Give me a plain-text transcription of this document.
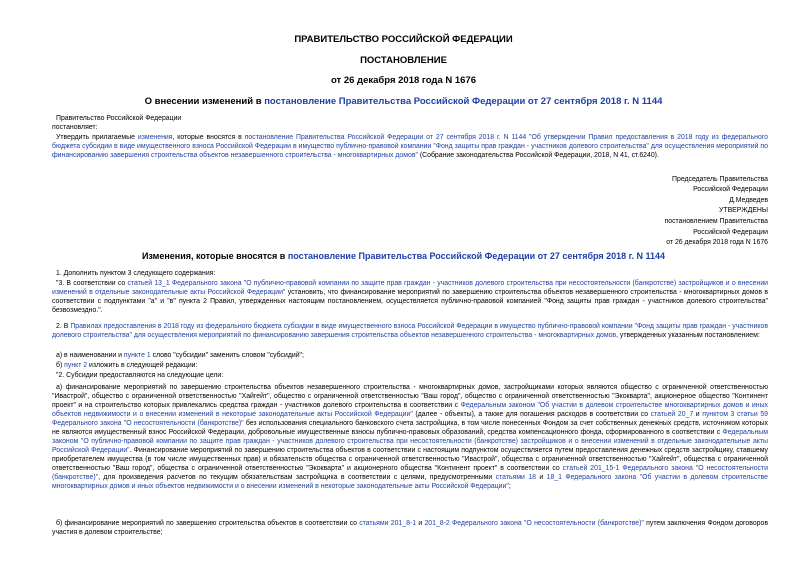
ПРАВИТЕЛЬСТВО РОССИЙСКОЙ ФЕДЕРАЦИИ
ПОСТАНОВЛЕНИЕ
от 26 декабря 2018 года N 1676
О внесении изменений в постановление Правительства Российской Федерации от 27 сентября 2018 г. N 1144
Правительство Российской Федерации
постановляет:
Утвердить прилагаемые изменения, которые вносятся в постановление Правительства Российской Федерации от 27 сентября 2018 г. N 1144 "Об утверждении Правил предоставления в 2018 году из федерального бюджета субсидии в виде имущественного взноса Российской Федерации в имущество публично-правовой компании "Фонд защиты прав граждан - участников долевого строительства" для осуществления мероприятий по финансированию завершения строительства объектов незавершенного строительства - многоквартирных домов" (Собрание законодательства Российской Федерации, 2018, N 41, ст.6240).
Председатель Правительства
Российской Федерации
Д.Медведев
УТВЕРЖДЕНЫ
постановлением Правительства
Российской Федерации
от 26 декабря 2018 года N 1676
Изменения, которые вносятся в постановление Правительства Российской Федерации от 27 сентября 2018 г. N 1144
1. Дополнить пунктом 3 следующего содержания:
"3. В соответствии со статьей 13_1 Федерального закона "О публично-правовой компании по защите прав граждан - участников долевого строительства при несостоятельности (банкротстве) застройщиков и о внесении изменений в отдельные законодательные акты Российской Федерации" установить, что финансирование мероприятий по завершению строительства объектов незавершенного строительства - многоквартирных домов в соответствии с подпунктами "а" и "в" пункта 2 Правил, утвержденных настоящим постановлением, осуществляется публично-правовой компанией "Фонд защиты прав граждан - участников долевого строительства" безвозмездно.".
2. В Правилах предоставления в 2018 году из федерального бюджета субсидии в виде имущественного взноса Российской Федерации в имущество публично-правовой компании "Фонд защиты прав граждан - участников долевого строительства" для осуществления мероприятий по финансированию завершения строительства объектов незавершенного строительства - многоквартирных домов, утвержденных указанным постановлением:
а) в наименовании и пункте 1 слово "субсидии" заменить словом "субсидий";
б) пункт 2 изложить в следующей редакции:
"2. Субсидии предоставляются на следующие цели:
а) финансирование мероприятий по завершению строительства объектов незавершенного строительства - многоквартирных домов, застройщиками которых являются общество с ограниченной ответственностью "Ивастрой", общество с ограниченной ответственностью "Хайгейт", общество с ограниченной ответственностью "Ваш город", общество с ограниченной ответственностью "Экокварта", акционерное общество "Континент проект" и на строительство которых привлекались средства граждан - участников долевого строительства в соответствии с Федеральным законом "Об участии в долевом строительстве многоквартирных домов и иных объектов недвижимости и о внесении изменений в некоторые законодательные акты Российской Федерации" (далее - объекты), а также для погашения расходов в соответствии со статьей 20_7 и пунктом 3 статьи 59 Федерального закона "О несостоятельности (банкротстве)" без использования специального банковского счета застройщика, в том числе понесенных Фондом за счет собственных денежных средств, источником которых не являются имущественный взнос Российской Федерации, добровольные имущественные взносы публично-правовых образований, средства компенсационного фонда, сформированного в соответствии с Федеральным законом "О публично-правовой компании по защите прав граждан - участников долевого строительства при несостоятельности (банкротстве) застройщиков и о внесении изменений в отдельные законодательные акты Российской Федерации". Финансирование мероприятий по завершению строительства объектов в соответствии с настоящим подпунктом осуществляется путем предоставления денежных средств застройщику, ставшему приобретателем имущества (в том числе имущественных прав) и обязательств общества с ограниченной ответственностью "Ивастрой", общества с ограниченной ответственностью "Хайгейт", общества с ограниченной ответственностью "Ваш город", общества с ограниченной ответственностью "Экокварта" и акционерного общества "Континент проект" в соответствии со статьей 201_15-1 Федерального закона "О несостоятельности (банкротстве)", для произведения расчетов по текущим обязательствам застройщика в соответствии с целями, предусмотренными статьями 18 и 18_1 Федерального закона "Об участии в долевом строительстве многоквартирных домов и иных объектов недвижимости и о внесении изменений в некоторые законодательные акты Российской Федерации";
б) финансирование мероприятий по завершению строительства объектов в соответствии со статьями 201_8-1 и 201_8-2 Федерального закона "О несостоятельности (банкротстве)" путем заключения Фондом договоров участия в долевом строительстве;
